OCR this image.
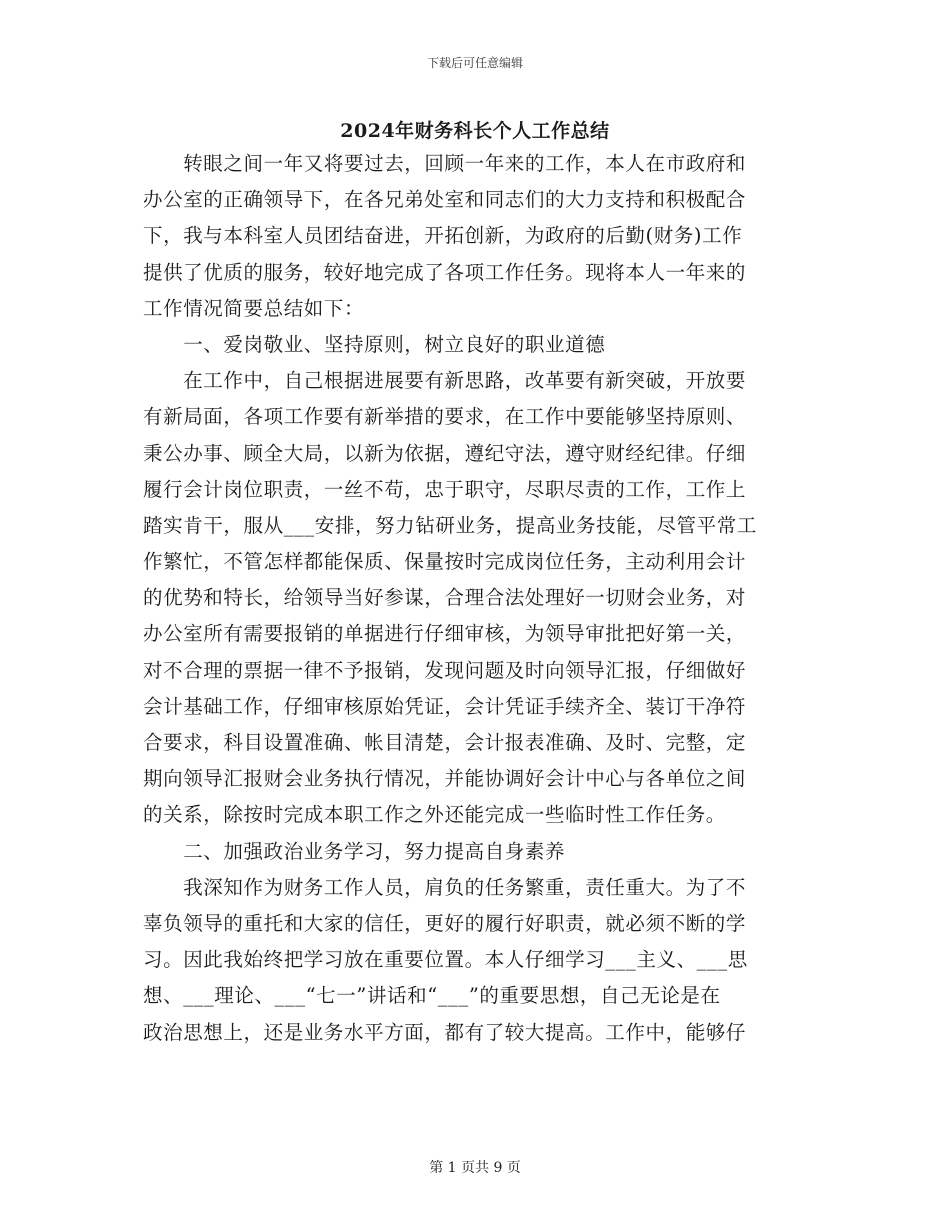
下载后可任意编辑
2024年财务科长个人工作总结
　　转眼之间一年又将要过去，回顾一年来的工作，本人在市政府和
办公室的正确领导下，在各兄弟处室和同志们的大力支持和积极配合
下，我与本科室人员团结奋进，开拓创新，为政府的后勤(财务)工作
提供了优质的服务，较好地完成了各项工作任务。现将本人一年来的
工作情况简要总结如下：
　　一、爱岗敬业、坚持原则，树立良好的职业道德
　　在工作中，自己根据进展要有新思路，改革要有新突破，开放要
有新局面，各项工作要有新举措的要求，在工作中要能够坚持原则、
秉公办事、顾全大局，以新为依据，遵纪守法，遵守财经纪律。仔细
履行会计岗位职责，一丝不苟，忠于职守，尽职尽责的工作，工作上
踏实肯干，服从___安排，努力钻研业务，提高业务技能，尽管平常工
作繁忙，不管怎样都能保质、保量按时完成岗位任务，主动利用会计
的优势和特长，给领导当好参谋，合理合法处理好一切财会业务，对
办公室所有需要报销的单据进行仔细审核，为领导审批把好第一关，
对不合理的票据一律不予报销，发现问题及时向领导汇报，仔细做好
会计基础工作，仔细审核原始凭证，会计凭证手续齐全、装订干净符
合要求，科目设置准确、帐目清楚，会计报表准确、及时、完整，定
期向领导汇报财会业务执行情况，并能协调好会计中心与各单位之间
的关系，除按时完成本职工作之外还能完成一些临时性工作任务。
　　二、加强政治业务学习，努力提高自身素养
　　我深知作为财务工作人员，肩负的任务繁重，责任重大。为了不
辜负领导的重托和大家的信任，更好的履行好职责，就必须不断的学
习。因此我始终把学习放在重要位置。本人仔细学习___主义、___思
想、___理论、___“七一”讲话和“___”的重要思想，自己无论是在
政治思想上，还是业务水平方面，都有了较大提高。工作中，能够仔
第 1 页共 9 页
